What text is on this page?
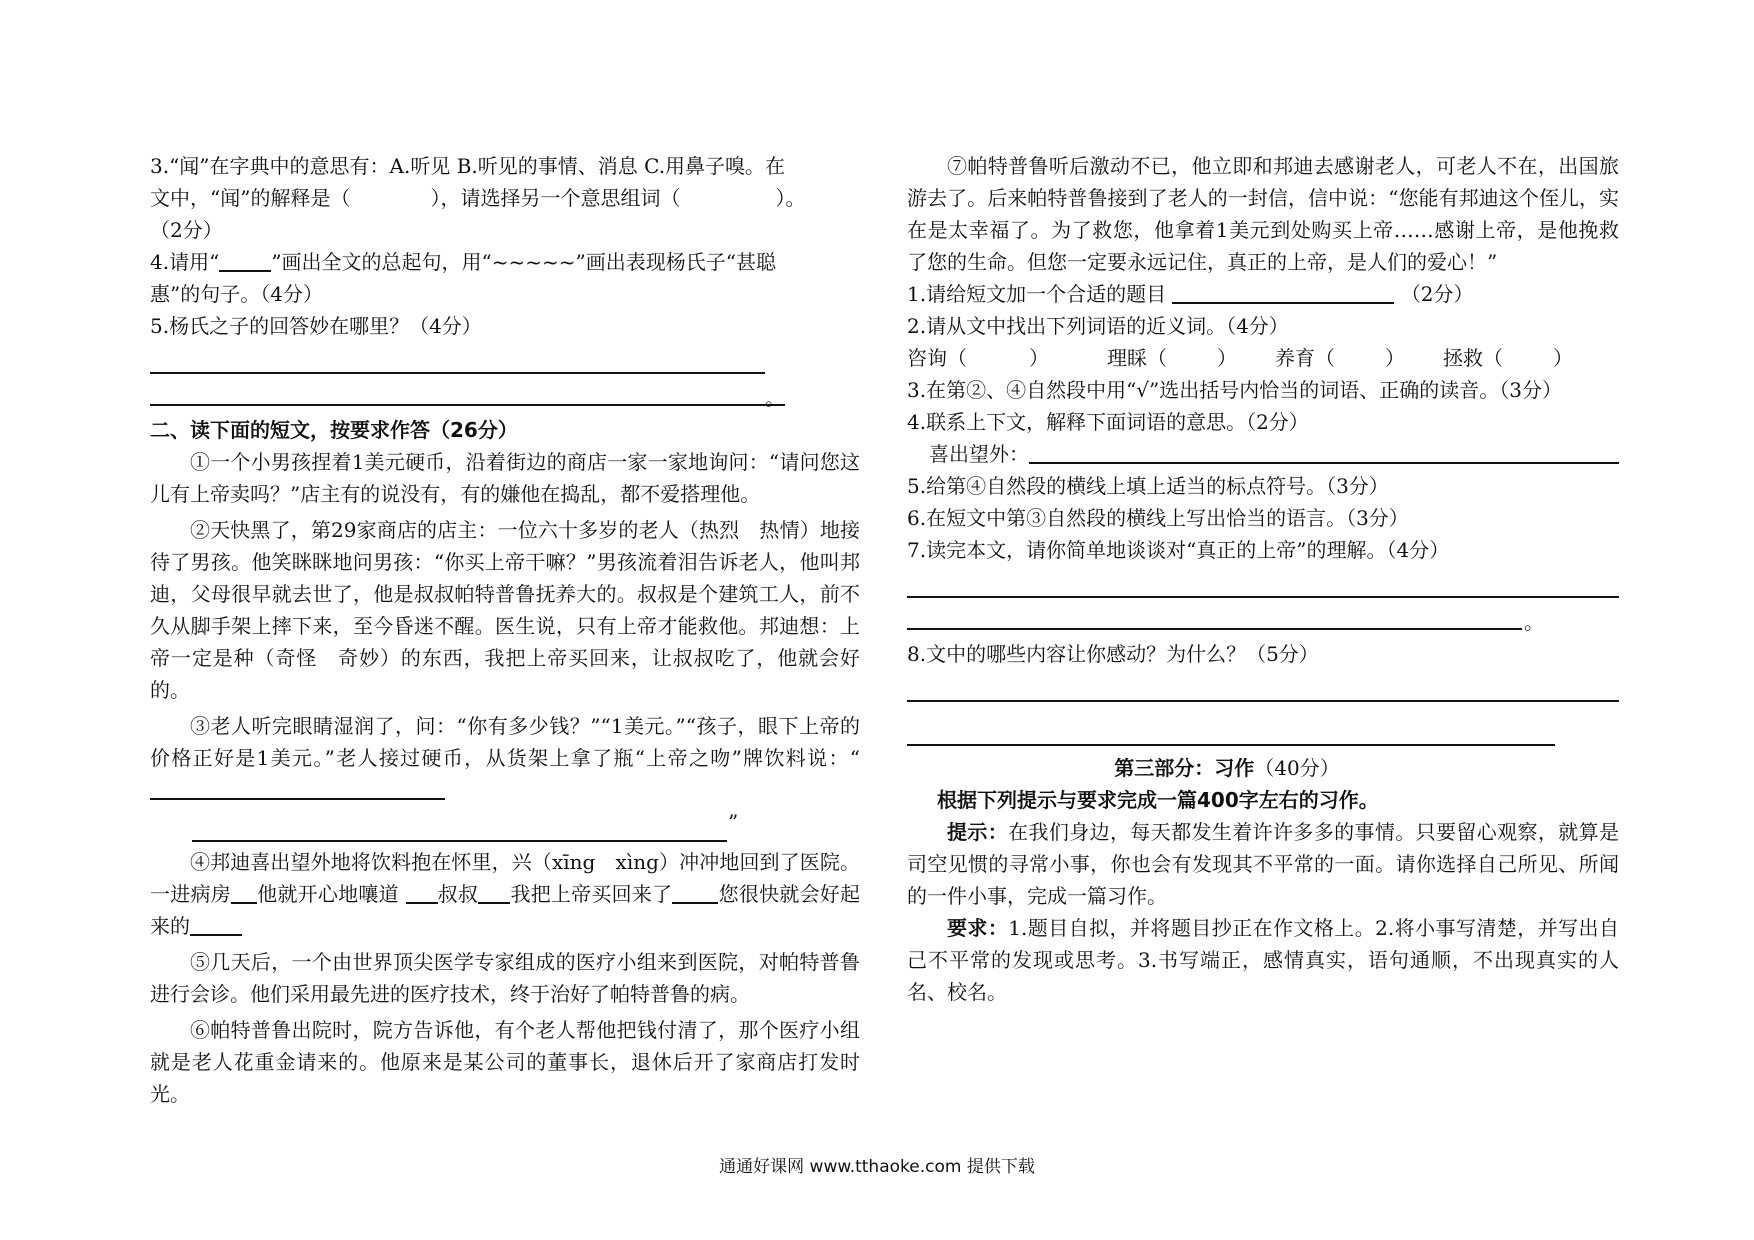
3.“闻”在字典中的意思有：A.听见 B.听见的事情、消息 C.用鼻子嗅。在

文中，“闻”的解释是（	），请选择另一个意思组词（	）。

（2分）

4.请用“	”画出全文的总起句，用“~~~~~”画出表现杨氏子“甚聪

惠”的句子。（4分）

5.杨氏之子的回答妙在哪里？（4分）

。

二、读下面的短文，按要求作答（26分）

①一个小男孩捏着1美元硬币，沿着街边的商店一家一家地询问：“请问您这儿有上帝卖吗？”店主有的说没有，有的嫌他在捣乱，都不爱搭理他。

②天快黑了，第29家商店的店主：一位六十多岁的老人（热烈　热情）地接待了男孩。他笑眯眯地问男孩：“你买上帝干嘛？”男孩流着泪告诉老人，他叫邦迪，父母很早就去世了，他是叔叔帕特普鲁抚养大的。叔叔是个建筑工人，前不久从脚手架上摔下来，至今昏迷不醒。医生说，只有上帝才能救他。邦迪想：上帝一定是种（奇怪　奇妙）的东西，我把上帝买回来，让叔叔吃了，他就会好的。

③老人听完眼睛湿润了，问：“你有多少钱？”“1美元。”“孩子，眼下上帝的价格正好是1美元。”老人接过硬币，从货架上拿了瓶“上帝之吻”牌饮料说：“

”

④邦迪喜出望外地将饮料抱在怀里，兴（xīng　xìng）冲冲地回到了医院。一进病房 他就开心地嚷道 叔叔 我把上帝买回来了 您很快就会好起来的

⑤几天后，一个由世界顶尖医学专家组成的医疗小组来到医院，对帕特普鲁进行会诊。他们采用最先进的医疗技术，终于治好了帕特普鲁的病。

⑥帕特普鲁出院时，院方告诉他，有个老人帮他把钱付清了，那个医疗小组就是老人花重金请来的。他原来是某公司的董事长，退休后开了家商店打发时光。

⑦帕特普鲁听后激动不已，他立即和邦迪去感谢老人，可老人不在，出国旅游去了。后来帕特普鲁接到了老人的一封信，信中说：“您能有邦迪这个侄儿，实在是太幸福了。为了救您，他拿着1美元到处购买上帝……感谢上帝，是他挽救了您的生命。但您一定要永远记住，真正的上帝，是人们的爱心！”

1.请给短文加一个合适的题目	（2分）

2.请从文中找出下列词语的近义词。（4分）

咨询（	）	理睬（	） 养育（	） 拯救（	）

3.在第②、④自然段中用“√”选出括号内恰当的词语、正确的读音。（3分）

4.联系上下文，解释下面词语的意思。（2分）

喜出望外：

5.给第④自然段的横线上填上适当的标点符号。（3分）

6.在短文中第③自然段的横线上写出恰当的语言。（3分）

7.读完本文，请你简单地谈谈对“真正的上帝”的理解。（4分）

。

8.文中的哪些内容让你感动？为什么？（5分）

第三部分：习作（40分）

根据下列提示与要求完成一篇400字左右的习作。

提示：在我们身边，每天都发生着许许多多的事情。只要留心观察，就算是司空见惯的寻常小事，你也会有发现其不平常的一面。请你选择自己所见、所闻的一件小事，完成一篇习作。

要求：1.题目自拟，并将题目抄正在作文格上。2.将小事写清楚，并写出自己不平常的发现或思考。3.书写端正，感情真实，语句通顺，不出现真实的人名、校名。

通通好课网 www.tthaoke.com 提供下载
